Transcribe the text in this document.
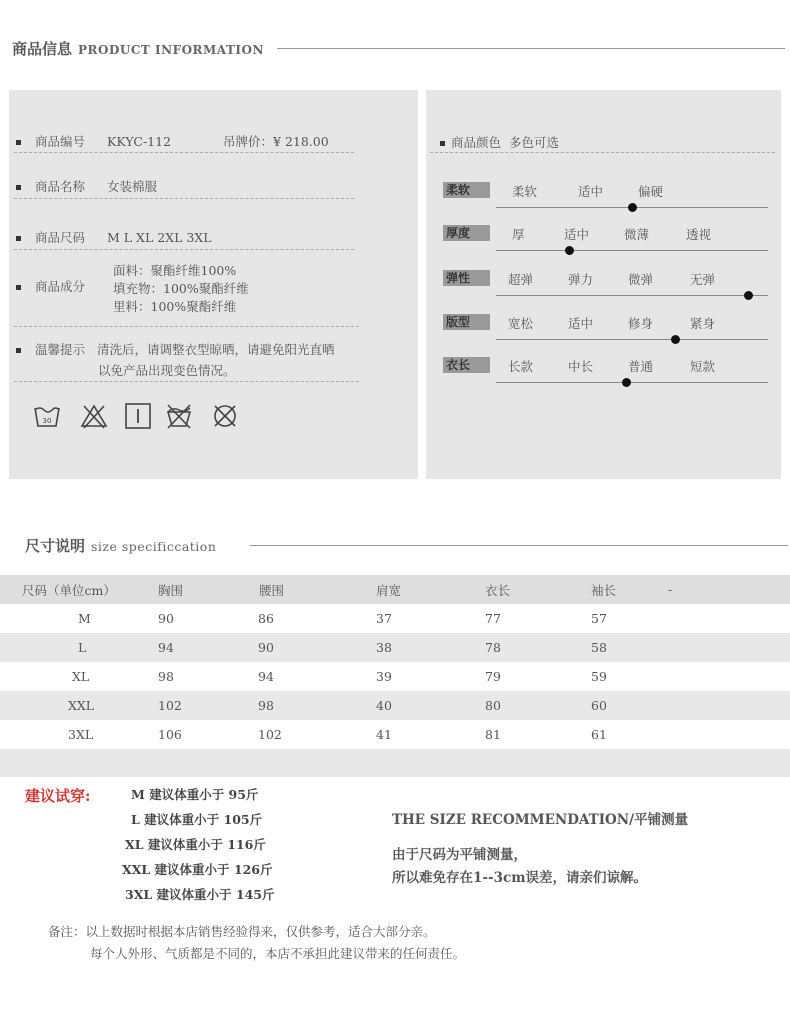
商品信息 PRODUCT INFORMATION
商品编号 KKYC-112	吊牌价：¥ 218.00
商品名称 女装棉服
商品尺码 M L XL 2XL 3XL
商品成分
面料：聚酯纤维100%
填充物：100%聚酯纤维
里料：100%聚酯纤维
温馨提示 清洗后，请调整衣型晾晒，请避免阳光直晒
以免产品出现变色情况。
30
商品颜色 多色可选
柔软	柔软	适中	偏硬
厚度	厚	适中	微薄	透视
弹性	超弹	弹力	微弹	无弹
版型	宽松	适中	修身	紧身
衣长	长款	中长	普通	短款
尺寸说明 size specificcation
尺码（单位cm）	胸围	腰围	肩宽	衣长	袖长	-
M	90	86	37	77	57	
L	94	90	38	78	58	
XL	98	94	39	79	59	
XXL	102	98	40	80	60	
3XL	106	102	41	81	61	

建议试穿:	M 建议体重小于 95斤
L 建议体重小于 105斤
XL 建议体重小于 116斤
XXL 建议体重小于 126斤
3XL 建议体重小于 145斤
THE SIZE RECOMMENDATION/平铺测量
由于尺码为平铺测量，
所以难免存在1--3cm误差，请亲们谅解。
备注：以上数据时根据本店销售经验得来，仅供参考，适合大部分亲。
每个人外形、气质都是不同的，本店不承担此建议带来的任何责任。
